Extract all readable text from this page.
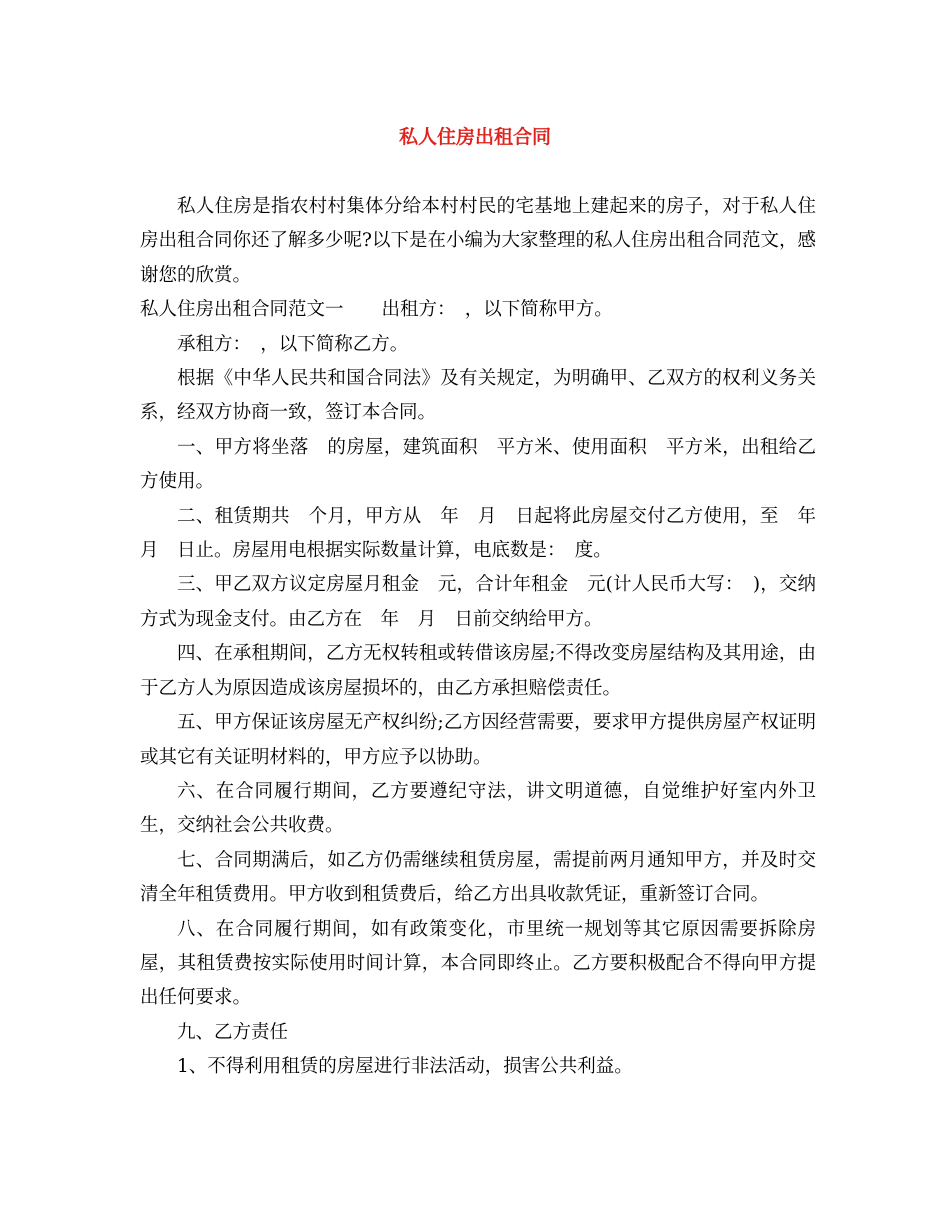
私人住房出租合同

私人住房是指农村村集体分给本村村民的宅基地上建起来的房子，对于私人住房出租合同你还了解多少呢?以下是在小编为大家整理的私人住房出租合同范文，感谢您的欣赏。

私人住房出租合同范文一 出租方：　，以下简称甲方。

承租方：　，以下简称乙方。

根据《中华人民共和国合同法》及有关规定，为明确甲、乙双方的权利义务关系，经双方协商一致，签订本合同。

一、甲方将坐落　的房屋，建筑面积　平方米、使用面积　平方米，出租给乙方使用。

二、租赁期共　个月，甲方从　年　月　日起将此房屋交付乙方使用，至　年　月　日止。房屋用电根据实际数量计算，电底数是：　度。

三、甲乙双方议定房屋月租金　元，合计年租金　元(计人民币大写：　)，交纳方式为现金支付。由乙方在　年　月　日前交纳给甲方。

四、在承租期间，乙方无权转租或转借该房屋;不得改变房屋结构及其用途，由于乙方人为原因造成该房屋损坏的，由乙方承担赔偿责任。

五、甲方保证该房屋无产权纠纷;乙方因经营需要，要求甲方提供房屋产权证明或其它有关证明材料的，甲方应予以协助。

六、在合同履行期间，乙方要遵纪守法，讲文明道德，自觉维护好室内外卫生，交纳社会公共收费。

七、合同期满后，如乙方仍需继续租赁房屋，需提前两月通知甲方，并及时交清全年租赁费用。甲方收到租赁费后，给乙方出具收款凭证，重新签订合同。

八、在合同履行期间，如有政策变化，市里统一规划等其它原因需要拆除房屋，其租赁费按实际使用时间计算，本合同即终止。乙方要积极配合不得向甲方提出任何要求。

九、乙方责任

1、不得利用租赁的房屋进行非法活动，损害公共利益。
